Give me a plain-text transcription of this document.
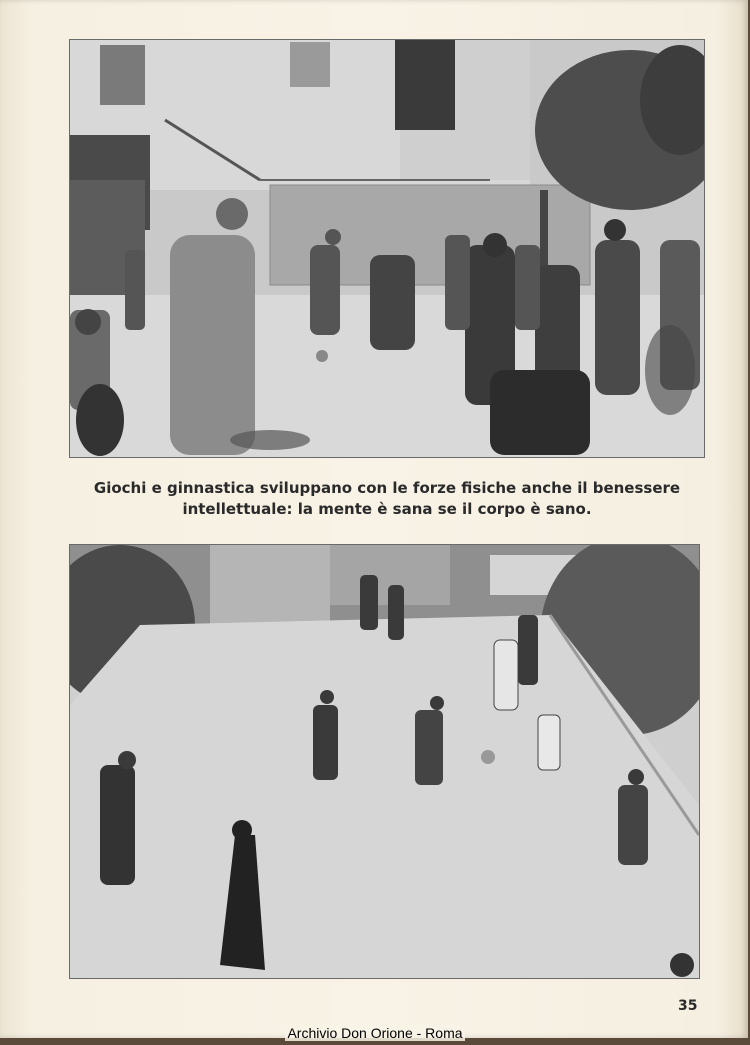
Giochi e ginnastica sviluppano con le forze fisiche anche il benessere
intellettuale: la mente è sana se il corpo è sano.
35
Archivio Don Orione - Roma
